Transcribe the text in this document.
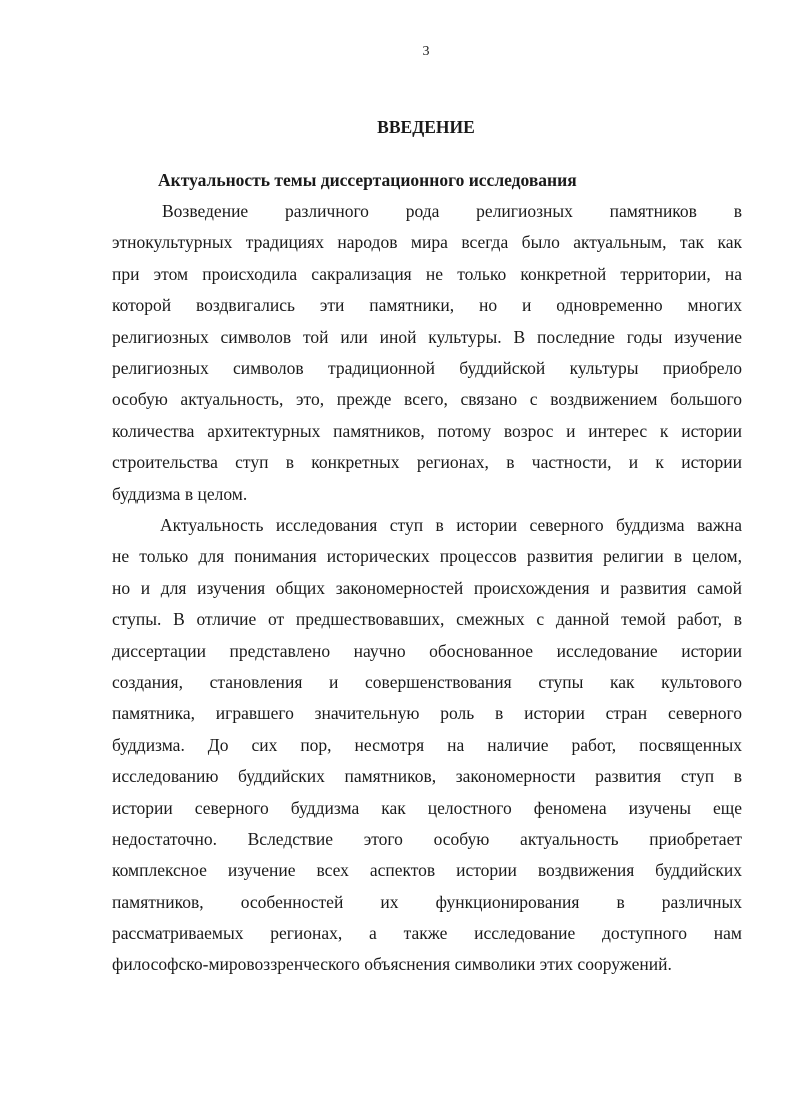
3

ВВЕДЕНИЕ
Актуальность темы диссертационного исследования
Возведение различного рода религиозных памятников в
этнокультурных традициях народов мира всегда было актуальным, так как
при этом происходила сакрализация не только конкретной территории, на
которой воздвигались эти памятники, но и одновременно многих
религиозных символов той или иной культуры. В последние годы изучение
религиозных символов традиционной буддийской культуры приобрело
особую актуальность, это, прежде всего, связано с воздвижением большого
количества архитектурных памятников, потому возрос и интерес к истории
строительства ступ в конкретных регионах, в частности, и к истории
буддизма в целом.
Актуальность исследования ступ в истории северного буддизма важна
не только для понимания исторических процессов развития религии в целом,
но и для изучения общих закономерностей происхождения и развития самой
ступы. В отличие от предшествовавших, смежных с данной темой работ, в
диссертации представлено научно обоснованное исследование истории
создания, становления и совершенствования ступы как культового
памятника, игравшего значительную роль в истории стран северного
буддизма. До сих пор, несмотря на наличие работ, посвященных
исследованию буддийских памятников, закономерности развития ступ в
истории северного буддизма как целостного феномена изучены еще
недостаточно. Вследствие этого особую актуальность приобретает
комплексное изучение всех аспектов истории воздвижения буддийских
памятников, особенностей их функционирования в различных
рассматриваемых регионах, а также исследование доступного нам
философско-мировоззренческого объяснения символики этих сооружений.
